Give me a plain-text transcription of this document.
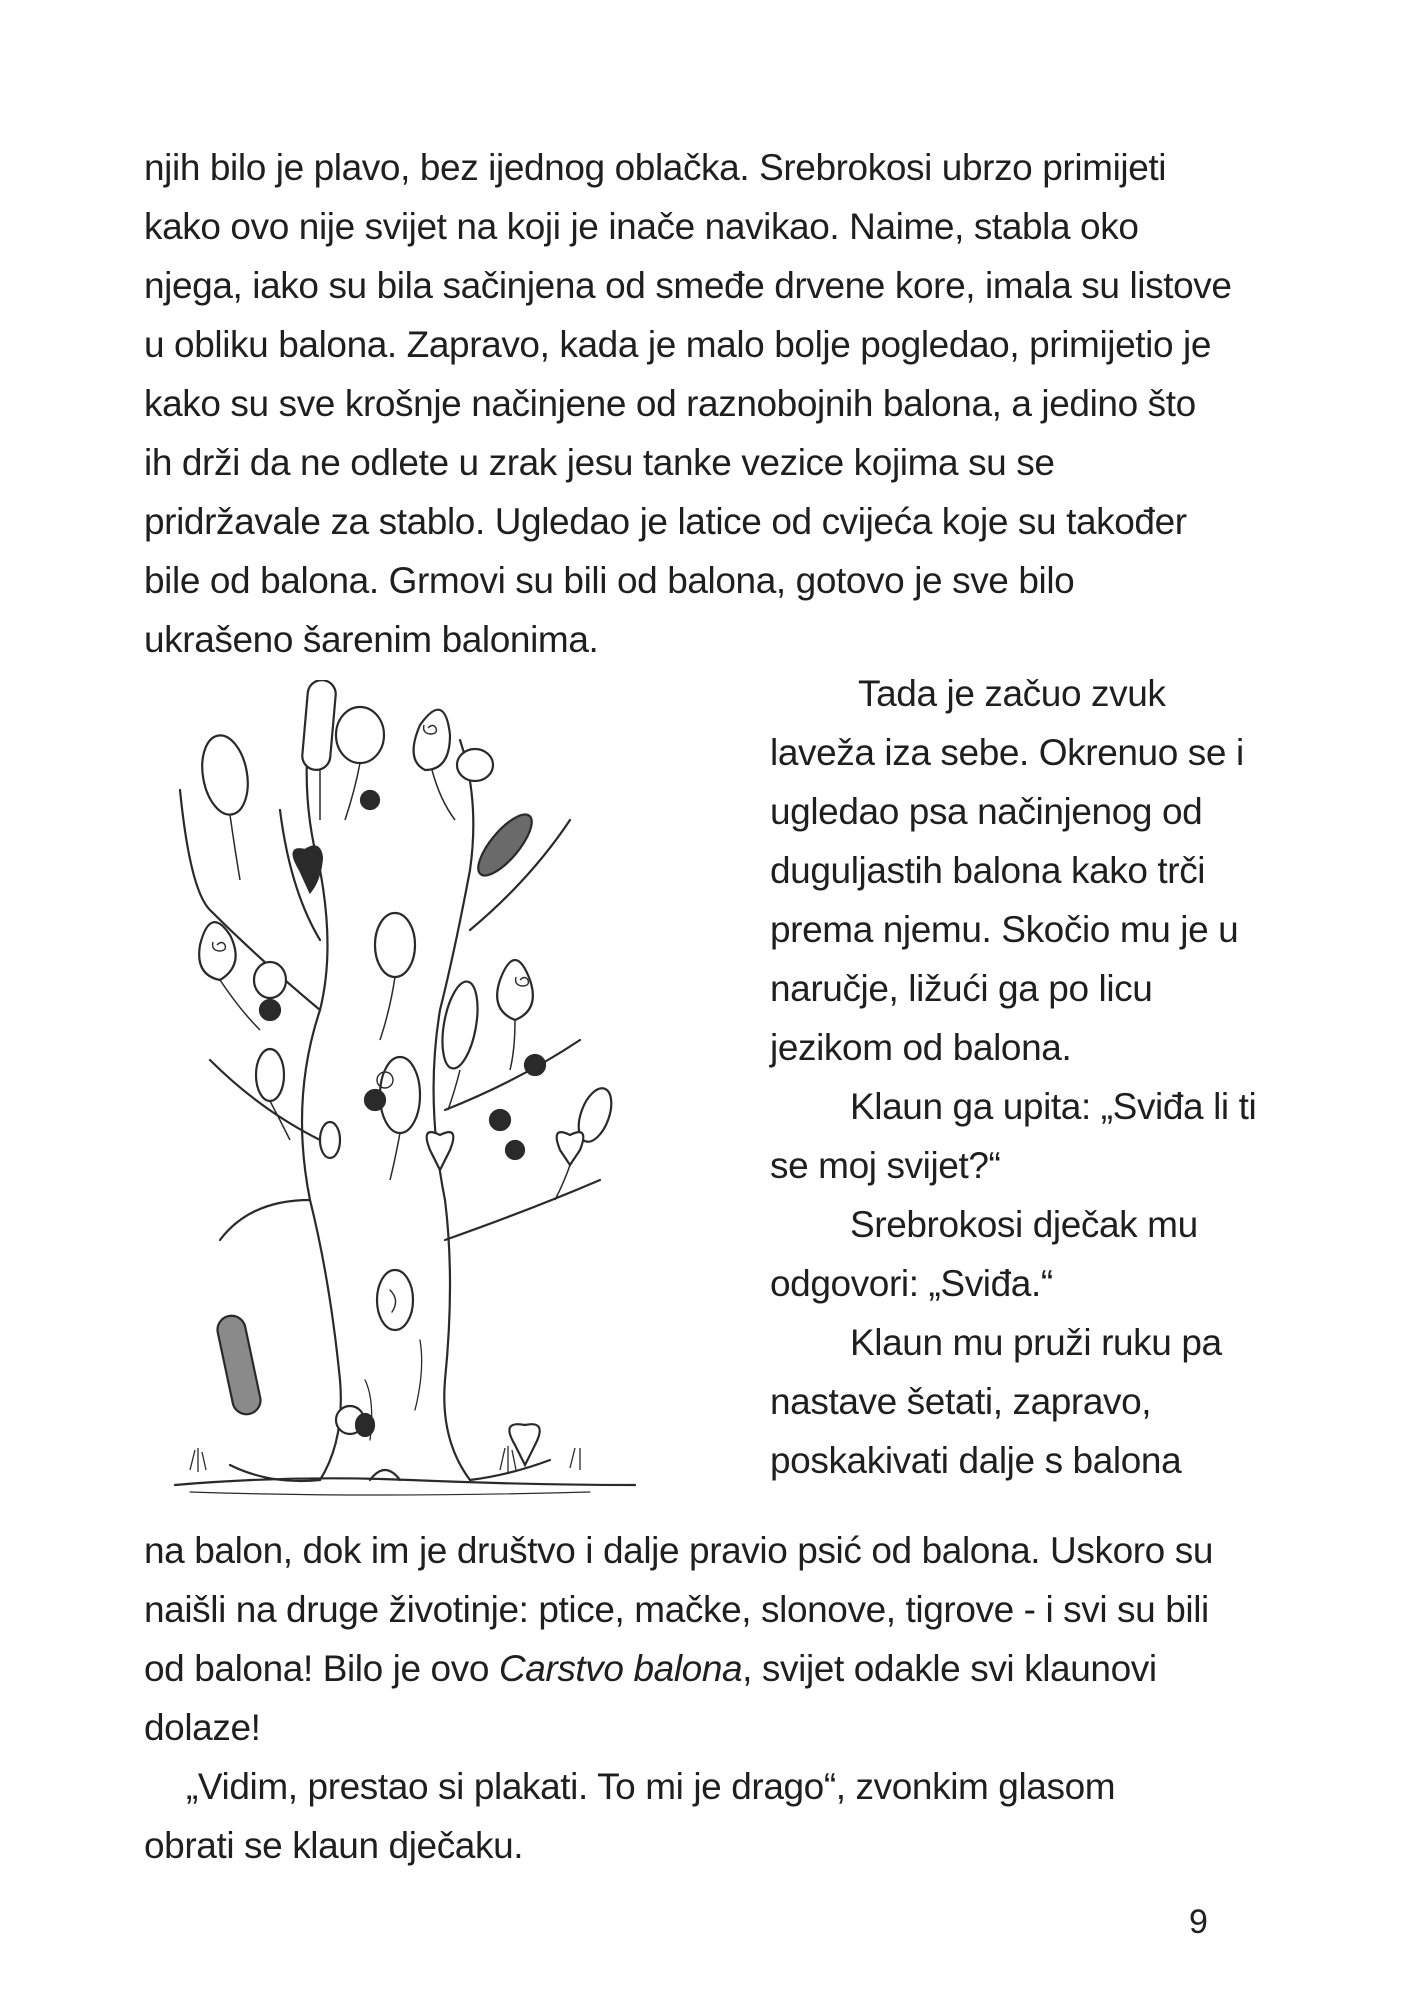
njih bilo je plavo, bez ijednog oblačka. Srebrokosi ubrzo primijeti
kako ovo nije svijet na koji je inače navikao. Naime, stabla oko
njega, iako su bila sačinjena od smeđe drvene kore, imala su listove
u obliku balona. Zapravo, kada je malo bolje pogledao, primijetio je
kako su sve krošnje načinjene od raznobojnih balona, a jedino što
ih drži da ne odlete u zrak jesu tanke vezice kojima su se
pridržavale za stablo. Ugledao je latice od cvijeća koje su također
bile od balona. Grmovi su bili od balona, gotovo je sve bilo
ukrašeno šarenim balonima.

Tada je začuo zvuk
laveža iza sebe. Okrenuo se i
ugledao psa načinjenog od
duguljastih balona kako trči
prema njemu. Skočio mu je u
naručje, ližući ga po licu
jezikom od balona.
Klaun ga upita: „Sviđa li ti
se moj svijet?“
Srebrokosi dječak mu
odgovori: „Sviđa.“
Klaun mu pruži ruku pa
nastave šetati, zapravo,
poskakivati dalje s balona

na balon, dok im je društvo i dalje pravio psić od balona. Uskoro su
naišli na druge životinje: ptice, mačke, slonove, tigrove - i svi su bili
od balona! Bilo je ovo Carstvo balona, svijet odakle svi klaunovi
dolaze!

„Vidim, prestao si plakati. To mi je drago“, zvonkim glasom
obrati se klaun dječaku.

9
